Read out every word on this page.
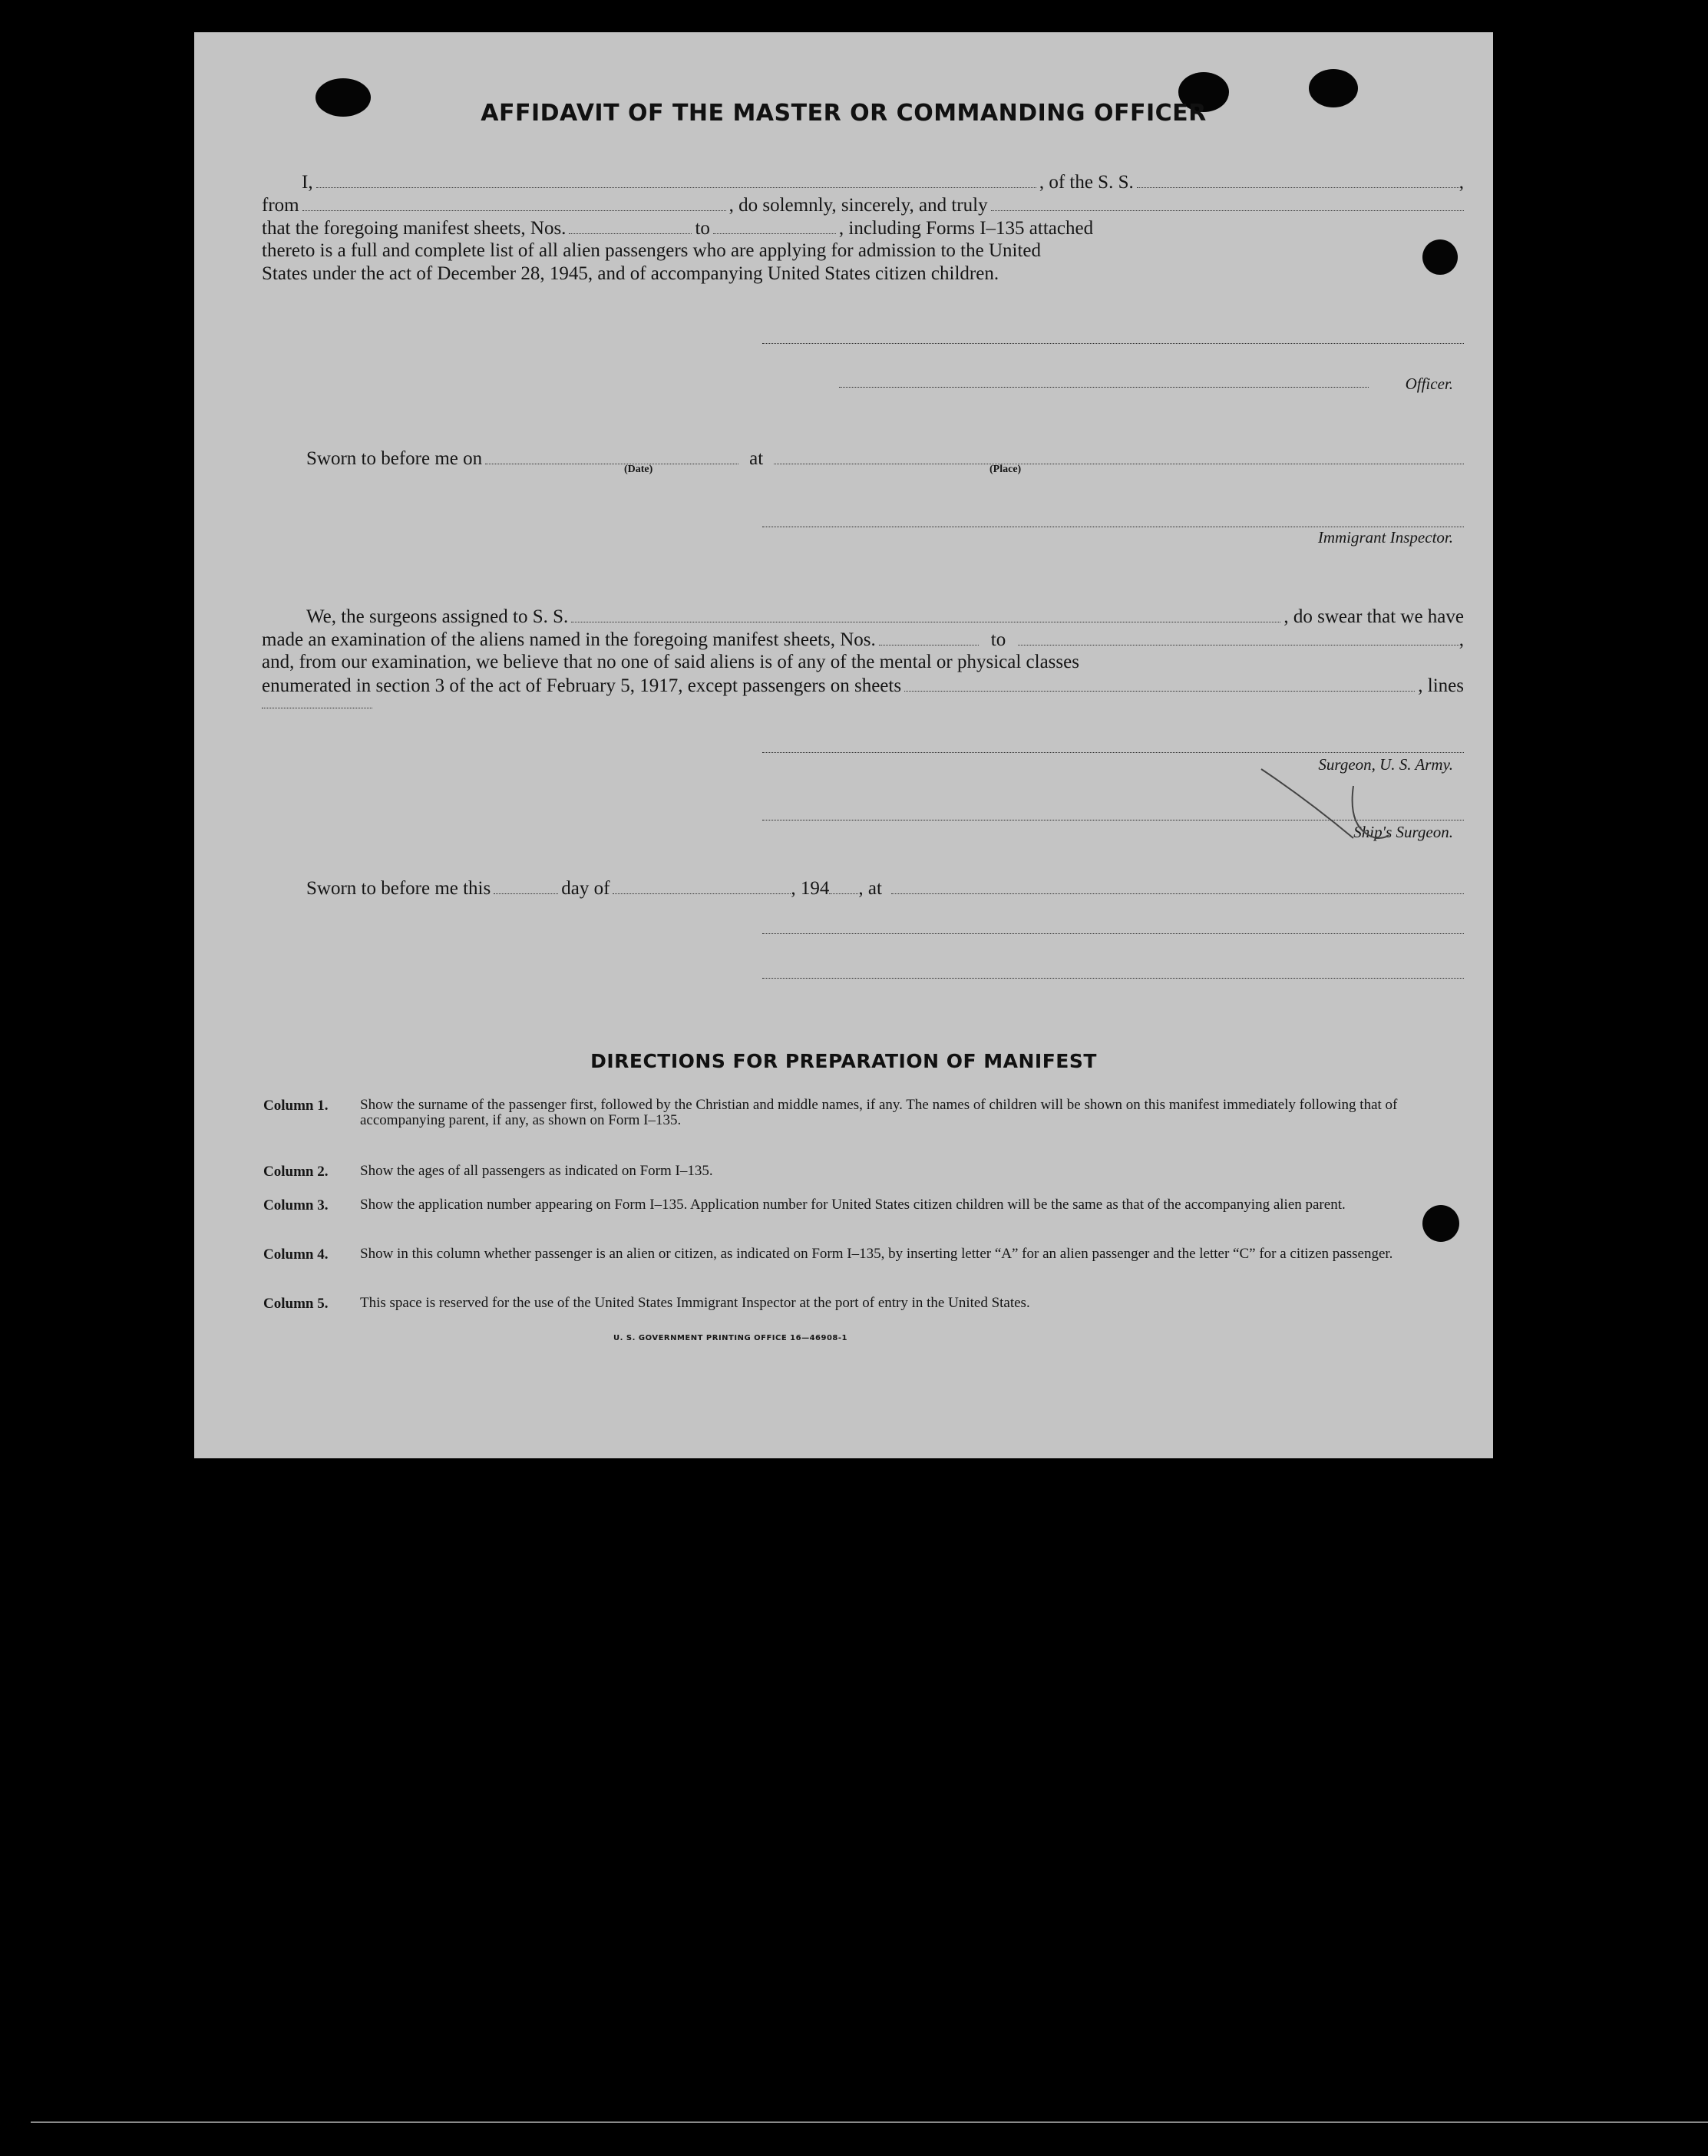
AFFIDAVIT OF THE MASTER OR COMMANDING OFFICER
I,	, of the S. S.	,
from	, do solemnly, sincerely, and truly
that the foregoing manifest sheets, Nos.	to	, including Forms I–135 attached
thereto is a full and complete list of all alien passengers who are applying for admission to the United
States under the act of December 28, 1945, and of accompanying United States citizen children.
Officer.
Sworn to before me on	at
(Date)	(Place)
Immigrant Inspector.
We, the surgeons assigned to S. S.	, do swear that we have
made an examination of the aliens named in the foregoing manifest sheets, Nos.	to	,
and, from our examination, we believe that no one of said aliens is of any of the mental or physical classes
enumerated in section 3 of the act of February 5, 1917, except passengers on sheets	, lines
Surgeon, U. S. Army.
Ship's Surgeon.
Sworn to before me this	day of	, 194 , at
DIRECTIONS FOR PREPARATION OF MANIFEST
Column 1. Show the surname of the passenger first, followed by the Christian and middle names, if any. The names of children will be shown on this manifest immediately following that of accompanying parent, if any, as shown on Form I–135.
Column 2. Show the ages of all passengers as indicated on Form I–135.
Column 3. Show the application number appearing on Form I–135. Application number for United States citizen children will be the same as that of the accompanying alien parent.
Column 4. Show in this column whether passenger is an alien or citizen, as indicated on Form I–135, by inserting letter “A” for an alien passenger and the letter “C” for a citizen passenger.
Column 5. This space is reserved for the use of the United States Immigrant Inspector at the port of entry in the United States.
U. S. GOVERNMENT PRINTING OFFICE 16—46908-1
